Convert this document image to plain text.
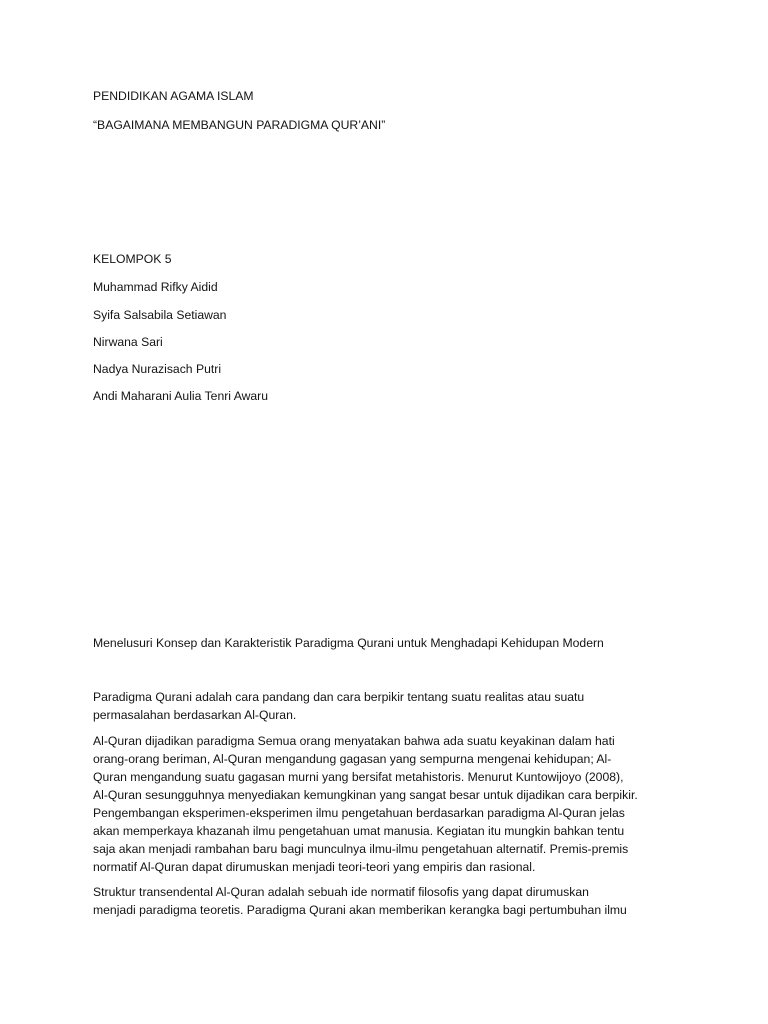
PENDIDIKAN AGAMA ISLAM

“BAGAIMANA MEMBANGUN PARADIGMA QUR’ANI”

KELOMPOK 5

Muhammad Rifky Aidid

Syifa Salsabila Setiawan

Nirwana Sari

Nadya Nurazisach Putri

Andi Maharani Aulia Tenri Awaru

Menelusuri Konsep dan Karakteristik Paradigma Qurani untuk Menghadapi Kehidupan Modern

Paradigma Qurani adalah cara pandang dan cara berpikir tentang suatu realitas atau suatu
permasalahan berdasarkan Al-Quran.

Al-Quran dijadikan paradigma Semua orang menyatakan bahwa ada suatu keyakinan dalam hati
orang-orang beriman, Al-Quran mengandung gagasan yang sempurna mengenai kehidupan; Al-
Quran mengandung suatu gagasan murni yang bersifat metahistoris. Menurut Kuntowijoyo (2008),
Al-Quran sesungguhnya menyediakan kemungkinan yang sangat besar untuk dijadikan cara berpikir.
Pengembangan eksperimen-eksperimen ilmu pengetahuan berdasarkan paradigma Al-Quran jelas
akan memperkaya khazanah ilmu pengetahuan umat manusia. Kegiatan itu mungkin bahkan tentu
saja akan menjadi rambahan baru bagi munculnya ilmu-ilmu pengetahuan alternatif. Premis-premis
normatif Al-Quran dapat dirumuskan menjadi teori-teori yang empiris dan rasional.

Struktur transendental Al-Quran adalah sebuah ide normatif filosofis yang dapat dirumuskan
menjadi paradigma teoretis. Paradigma Qurani akan memberikan kerangka bagi pertumbuhan ilmu
